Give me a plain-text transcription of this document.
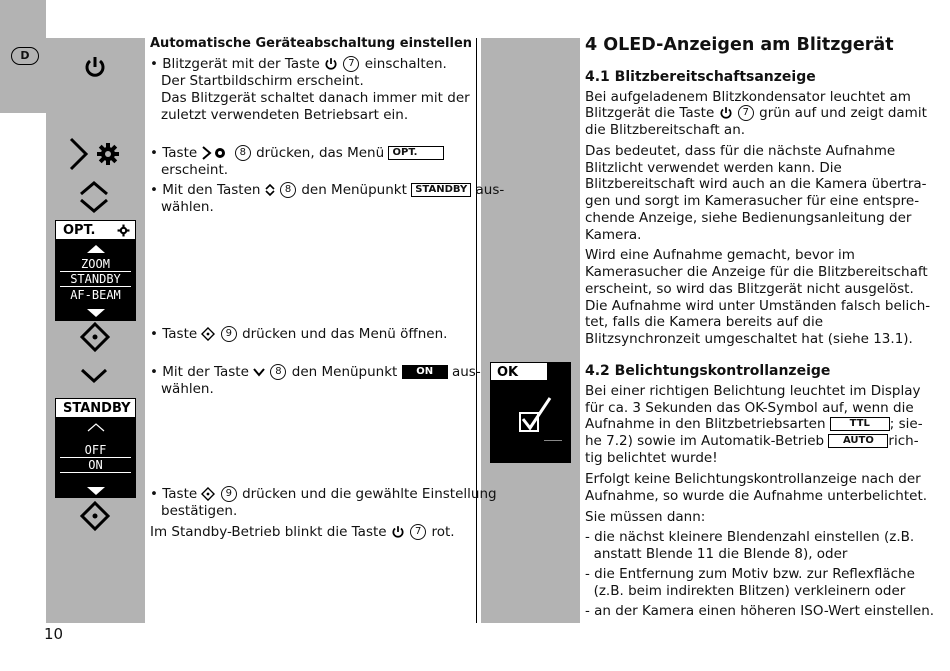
D
OPT.
ZOOM
STANDBY
AF-BEAM
STANDBY
OFF
ON
OK
Automatische Geräteabschaltung einstellen
• Blitzgerät mit der Taste	7 einschalten.
Der Startbildschirm erscheint.
Das Blitzgerät schaltet danach immer mit der
zuletzt verwendeten Betriebsart ein.
• Taste	8 drücken, das Menü OPT.
erscheint.
• Mit den Tasten 8 den Menüpunkt STANDBY aus-
wählen.
• Taste	9 drücken und das Menü öffnen.
• Mit der Taste	8 den Menüpunkt ON aus-
wählen.
• Taste	9 drücken und die gewählte Einstellung
bestätigen.
Im Standby-Betrieb blinkt die Taste	7 rot.
4 OLED-Anzeigen am Blitzgerät
4.1 Blitzbereitschaftsanzeige
Bei aufgeladenem Blitzkondensator leuchtet am
Blitzgerät die Taste	7 grün auf und zeigt damit
die Blitzbereitschaft an.
Das bedeutet, dass für die nächste Aufnahme
Blitzlicht verwendet werden kann. Die
Blitzbereitschaft wird auch an die Kamera übertra-
gen und sorgt im Kamerasucher für eine entspre-
chende Anzeige, siehe Bedienungsanleitung der
Kamera.
Wird eine Aufnahme gemacht, bevor im
Kamerasucher die Anzeige für die Blitzbereitschaft
erscheint, so wird das Blitzgerät nicht ausgelöst.
Die Aufnahme wird unter Umständen falsch belich-
tet, falls die Kamera bereits auf die
Blitzsynchronzeit umgeschaltet hat (siehe 13.1).
4.2 Belichtungskontrollanzeige
Bei einer richtigen Belichtung leuchtet im Display
für ca. 3 Sekunden das OK-Symbol auf, wenn die
Aufnahme in den Blitzbetriebsarten TTL ; sie-
he 7.2) sowie im Automatik-Betrieb AUTO rich-
tig belichtet wurde!
Erfolgt keine Belichtungskontrollanzeige nach der
Aufnahme, so wurde die Aufnahme unterbelichtet.
Sie müssen dann:
- die nächst kleinere Blendenzahl einstellen (z.B.
anstatt Blende 11 die Blende 8), oder
- die Entfernung zum Motiv bzw. zur Reflexfläche
(z.B. beim indirekten Blitzen) verkleinern oder
- an der Kamera einen höheren ISO-Wert einstellen.
10
